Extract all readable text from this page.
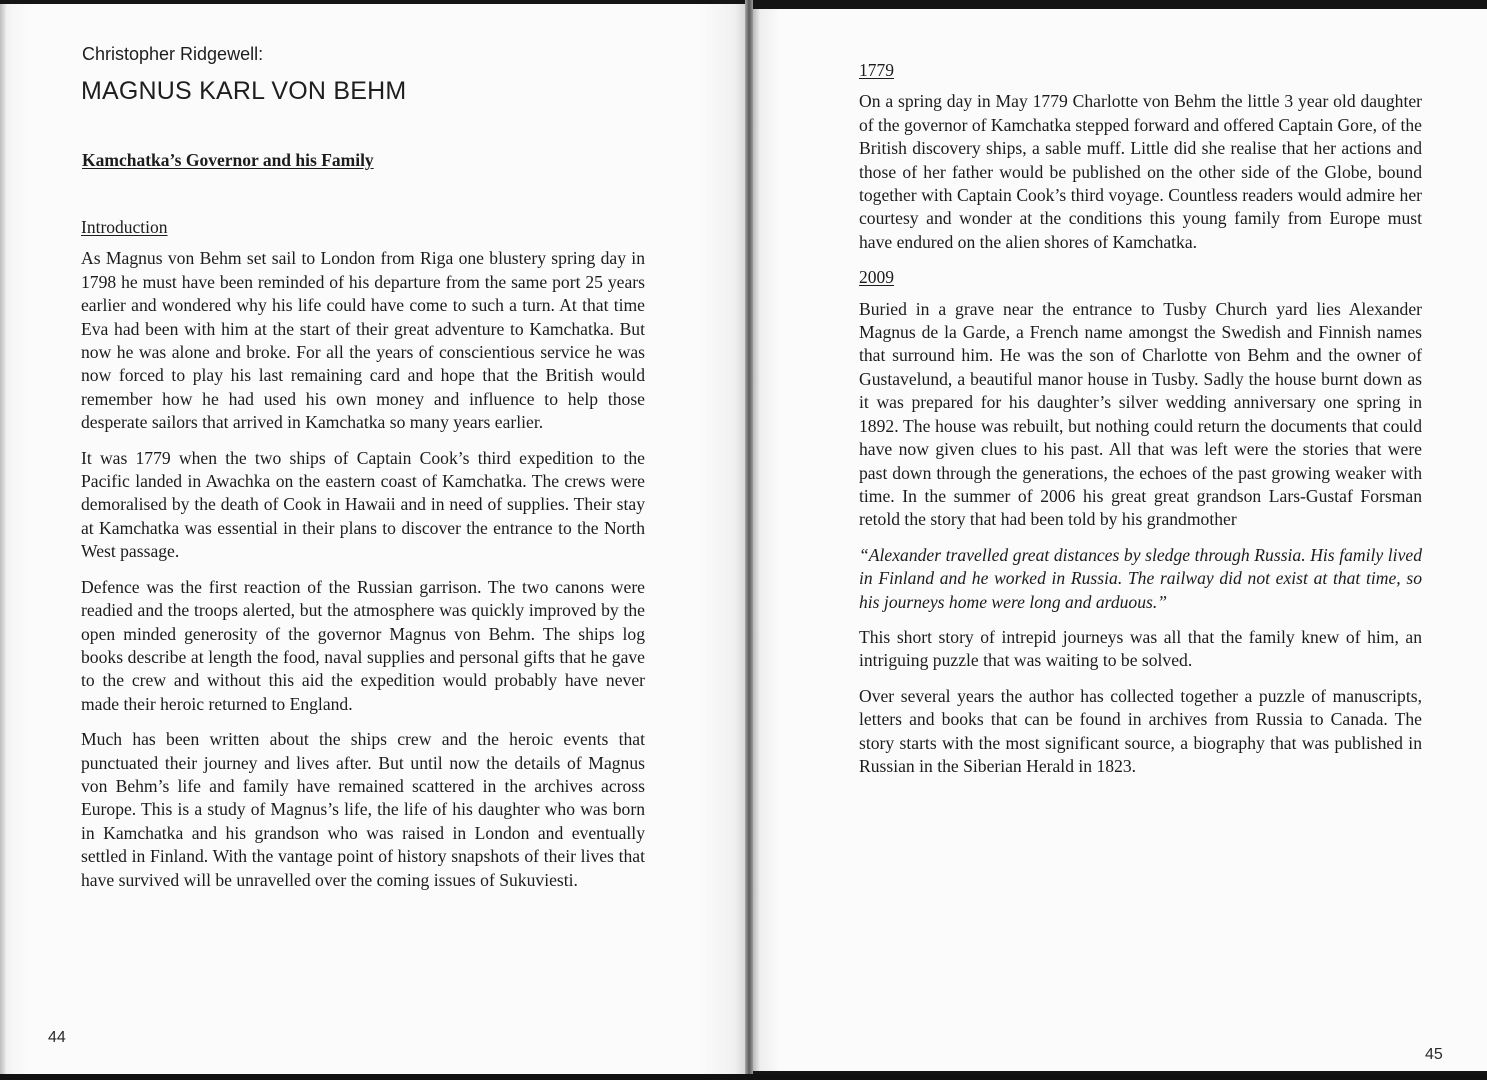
Christopher Ridgewell:
MAGNUS KARL VON BEHM
Kamchatka’s Governor and his Family
Introduction

As Magnus von Behm set sail to London from Riga one blustery spring day in 1798 he must have been reminded of his departure from the same port 25 years earlier and wondered why his life could have come to such a turn. At that time Eva had been with him at the start of their great adventure to Kamchatka. But now he was alone and broke. For all the years of conscientious service he was now forced to play his last remaining card and hope that the British would remember how he had used his own money and influence to help those desperate sailors that arrived in Kamchatka so many years earlier.

It was 1779 when the two ships of Captain Cook’s third expedition to the Pacific landed in Awachka on the eastern coast of Kamchatka. The crews were demoralised by the death of Cook in Hawaii and in need of supplies. Their stay at Kamchatka was essential in their plans to discover the entrance to the North West passage.

Defence was the first reaction of the Russian garrison. The two canons were readied and the troops alerted, but the atmosphere was quickly improved by the open minded generosity of the governor Magnus von Behm. The ships log books describe at length the food, naval supplies and personal gifts that he gave to the crew and without this aid the expedition would probably have never made their heroic returned to England.

Much has been written about the ships crew and the heroic events that punctuated their journey and lives after. But until now the details of Magnus von Behm’s life and family have remained scattered in the archives across Europe. This is a study of Magnus’s life, the life of his daughter who was born in Kamchatka and his grandson who was raised in London and eventually settled in Finland. With the vantage point of history snapshots of their lives that have survived will be unravelled over the coming issues of Sukuviesti.

44
1779

On a spring day in May 1779 Charlotte von Behm the little 3 year old daughter of the governor of Kamchatka stepped forward and offered Captain Gore, of the British discovery ships, a sable muff. Little did she realise that her actions and those of her father would be published on the other side of the Globe, bound together with Captain Cook’s third voyage. Countless readers would admire her courtesy and wonder at the conditions this young family from Europe must have endured on the alien shores of Kamchatka.

2009

Buried in a grave near the entrance to Tusby Church yard lies Alexander Magnus de la Garde, a French name amongst the Swedish and Finnish names that surround him. He was the son of Charlotte von Behm and the owner of Gustavelund, a beautiful manor house in Tusby. Sadly the house burnt down as it was prepared for his daughter’s silver wedding anniversary one spring in 1892. The house was rebuilt, but nothing could return the documents that could have now given clues to his past. All that was left were the stories that were past down through the generations, the echoes of the past growing weaker with time. In the summer of 2006 his great great grandson Lars-Gustaf Forsman retold the story that had been told by his grandmother

“Alexander travelled great distances by sledge through Russia. His family lived in Finland and he worked in Russia. The railway did not exist at that time, so his journeys home were long and arduous.”

This short story of intrepid journeys was all that the family knew of him, an intriguing puzzle that was waiting to be solved.

Over several years the author has collected together a puzzle of manuscripts, letters and books that can be found in archives from Russia to Canada. The story starts with the most significant source, a biography that was published in Russian in the Siberian Herald in 1823.

45
